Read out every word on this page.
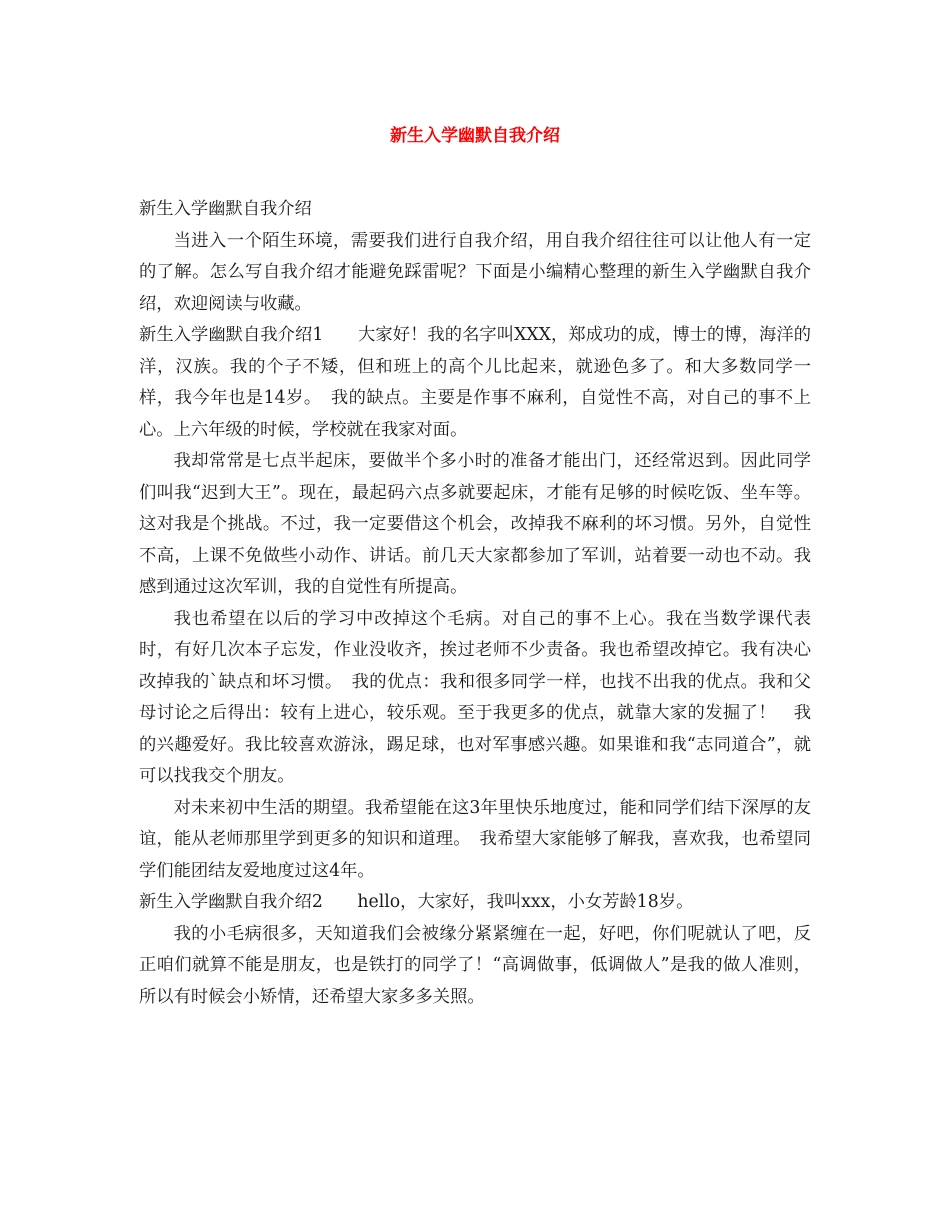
新生入学幽默自我介绍

新生入学幽默自我介绍

当进入一个陌生环境，需要我们进行自我介绍，用自我介绍往往可以让他人有一定的了解。怎么写自我介绍才能避免踩雷呢？下面是小编精心整理的新生入学幽默自我介绍，欢迎阅读与收藏。

新生入学幽默自我介绍1　　大家好！我的名字叫XXX，郑成功的成，博士的博，海洋的洋，汉族。我的个子不矮，但和班上的高个儿比起来，就逊色多了。和大多数同学一样，我今年也是14岁。　我的缺点。主要是作事不麻利，自觉性不高，对自己的事不上心。上六年级的时候，学校就在我家对面。

我却常常是七点半起床，要做半个多小时的准备才能出门，还经常迟到。因此同学们叫我“迟到大王”。现在，最起码六点多就要起床，才能有足够的时候吃饭、坐车等。这对我是个挑战。不过，我一定要借这个机会，改掉我不麻利的坏习惯。另外，自觉性不高，上课不免做些小动作、讲话。前几天大家都参加了军训，站着要一动也不动。我感到通过这次军训，我的自觉性有所提高。

我也希望在以后的学习中改掉这个毛病。对自己的事不上心。我在当数学课代表时，有好几次本子忘发，作业没收齐，挨过老师不少责备。我也希望改掉它。我有决心改掉我的`缺点和坏习惯。　我的优点：我和很多同学一样，也找不出我的优点。我和父母讨论之后得出：较有上进心，较乐观。至于我更多的优点，就靠大家的发掘了！　我的兴趣爱好。我比较喜欢游泳，踢足球，也对军事感兴趣。如果谁和我“志同道合”，就可以找我交个朋友。

对未来初中生活的期望。我希望能在这3年里快乐地度过，能和同学们结下深厚的友谊，能从老师那里学到更多的知识和道理。　我希望大家能够了解我，喜欢我，也希望同学们能团结友爱地度过这4年。

新生入学幽默自我介绍2　　hello，大家好，我叫xxx，小女芳龄18岁。

我的小毛病很多，天知道我们会被缘分紧紧缠在一起，好吧，你们呢就认了吧，反正咱们就算不能是朋友，也是铁打的同学了！“高调做事，低调做人”是我的做人准则，所以有时候会小矫情，还希望大家多多关照。
